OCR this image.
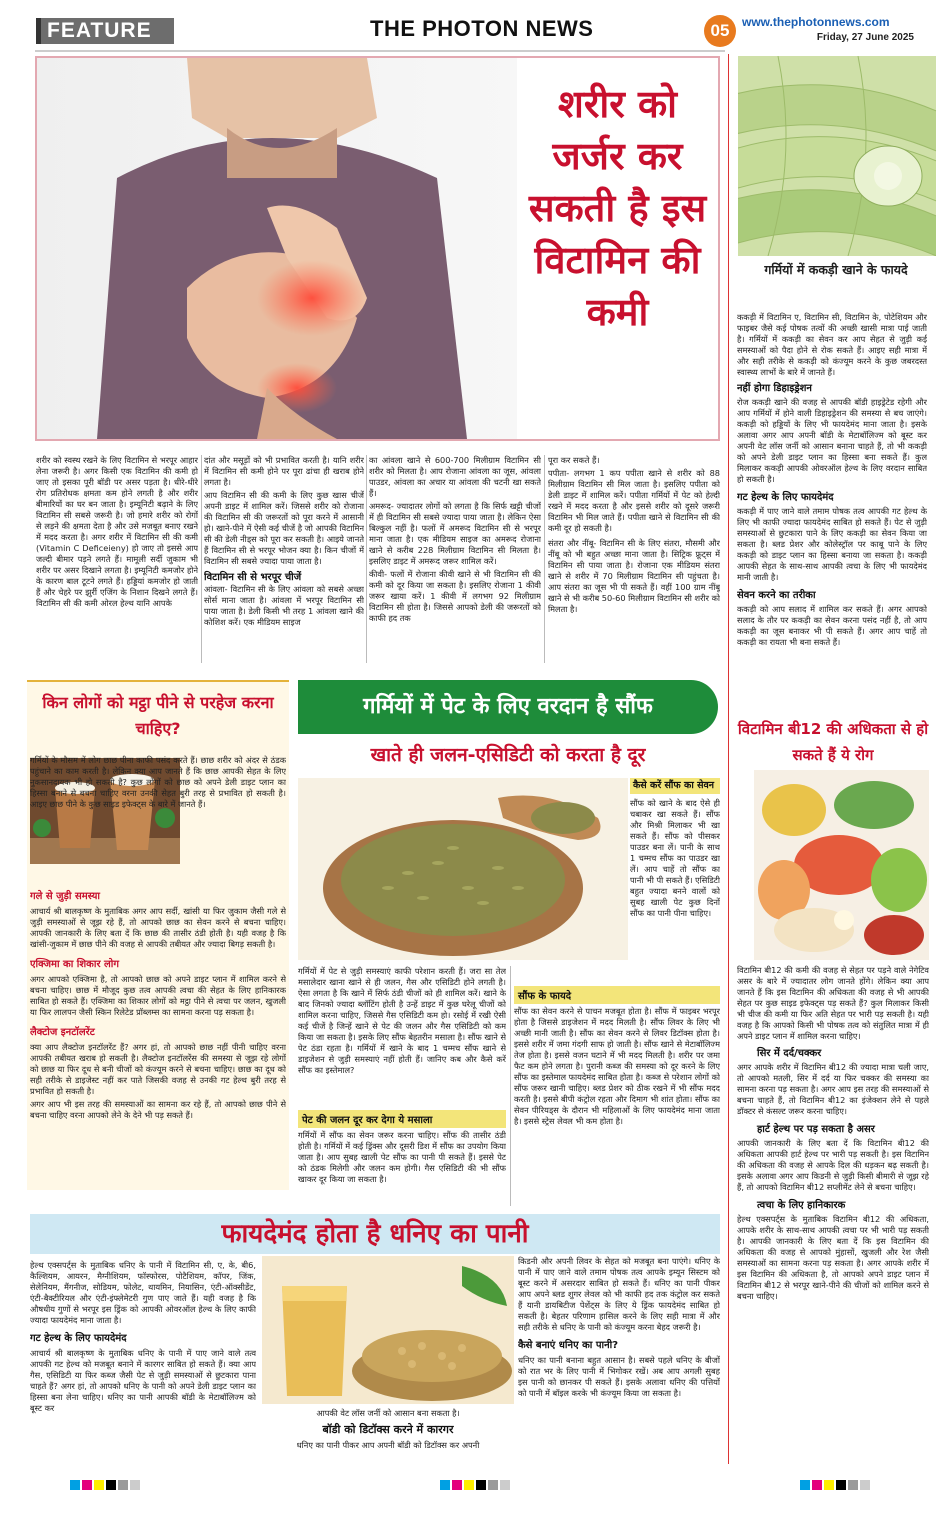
FEATURE	THE PHOTON NEWS	05	www.thephotonnews.com
Friday, 27 June 2025
शरीर को जर्जर कर सकती है इस विटामिन की कमी
शरीर को स्वस्थ रखने के लिए विटामिन से भरपूर आहार लेना जरूरी है। अगर किसी एक विटामिन की कमी हो जाए तो इसका पूरी बॉडी पर असर पड़ता है। धीरे-धीरे रोग प्रतिरोधक क्षमता कम होने लगती है और शरीर बीमारियों का घर बन जाता है। इम्यूनिटी बढ़ाने के लिए विटामिन सी सबसे जरूरी है। जो हमारे शरीर को रोगों से लड़ने की क्षमता देता है और उसे मजबूत बनाए रखने में मदद करता है। अगर शरीर में विटामिन सी की कमी (Vitamin C Deficeieny) हो जाए तो इससे आप जल्दी बीमार पड़ने लगते हैं। मामूली सर्दी जुकाम भी शरीर पर असर दिखाने लगता है। इम्यूनिटी कमजोर होने के कारण बाल टूटने लगते हैं। हड्डियां कमजोर हो जाती हैं और चेहरे पर झुर्री एजिंग के निशान दिखने लगते हैं। विटामिन सी की कमी ओरल हेल्थ यानि आपके
दांत और मसूड़ों को भी प्रभावित करती है। यानि शरीर में विटामिन सी कमी होने पर पूरा ढांचा ही खराब होने लगता है।
आप विटामिन सी की कमी के लिए कुछ खास चीजें अपनी डाइट में शामिल करें। जिससे शरीर को रोजाना की विटामिन सी की जरूरतों को पूरा करने में आसानी हो। खाने-पीने में ऐसी कई चीजें है जो आपकी विटामिन सी की डेली नीड्स को पूरा कर सकती है। आइये जानते हैं विटामिन सी से भरपूर भोजन क्या है। किन चीजों में विटामिन सी सबसे ज्यादा पाया जाता है।
विटामिन सी से भरपूर चीजें
आंवला- विटामिन सी के लिए आंवला को सबसे अच्छा सोर्स माना जाता है। आंवला में भरपूर विटामिन सी पाया जाता है। डेली किसी भी तरह 1 आंवला खाने की कोशिश करें। एक मीडियम साइज
का आंवला खाने से 600-700 मिलीग्राम विटामिन सी शरीर को मिलता है। आप रोजाना आंवला का जूस, आंवला पाउडर, आंवला का अचार या आंवला की चटनी खा सकते हैं।
अमरूद- ज्यादातर लोगों को लगता है कि सिर्फ खट्टी चीजों में ही विटामिन सी सबसे ज्यादा पाया जाता है। लेकिन ऐसा बिल्कुल नहीं है। फलों में अमरूद विटामिन सी से भरपूर माना जाता है। एक मीडियम साइज का अमरूद रोजाना खाने से करीब 228 मिलीग्राम विटामिन सी मिलता है। इसलिए डाइट में अमरूद जरूर शामिल करें।
कीवी- फलों में रोजाना कीवी खाने से भी विटामिन सी की कमी को दूर किया जा सकता है। इसलिए रोजाना 1 कीवी जरूर खाया करें। 1 कीवी में लगभग 92 मिलीग्राम विटामिन सी होता है। जिससे आपको डेली की जरूरतों को काफी हद तक
पूरा कर सकते हैं।
पपीता- लगभग 1 कप पपीता खाने से शरीर को 88 मिलीग्राम विटामिन सी मिल जाता है। इसलिए पपीता को डेली डाइट में शामिल करें। पपीता गर्मियों में पेट को हेल्दी रखने में मदद करता है और इससे शरीर को दूसरे जरूरी विटामिन भी मिल जाते हैं। पपीता खाने से विटामिन सी की कमी दूर हो सकती है।
संतरा और नींबू- विटामिन सी के लिए संतरा, मौसमी और नींबू को भी बहुत अच्छा माना जाता है। सिट्रिक फ्रूट्स में विटामिन सी पाया जाता है। रोजाना एक मीडियम संतरा खाने से शरीर में 70 मिलीग्राम विटामिन सी पहुंचता है। आप संतरा का जूस भी पी सकते हैं। वहीं 100 ग्राम नींबू खाने से भी करीब 50-60 मिलीग्राम विटामिन सी शरीर को मिलता है।
गर्मियों में ककड़ी खाने के फायदे
ककड़ी में विटामिन ए, विटामिन सी, विटामिन के, पोटेशियम और फाइबर जैसे कई पोषक तत्वों की अच्छी खासी मात्रा पाई जाती है। गर्मियों में ककड़ी का सेवन कर आप सेहत से जुड़ी कई समस्याओं को पैदा होने से रोक सकते हैं। आइए सही मात्रा में और सही तरीके से ककड़ी को कंज्यूम करने के कुछ जबरदस्त स्वास्थ्य लाभों के बारे में जानते हैं।
नहीं होगा डिहाइड्रेशन
रोज ककड़ी खाने की वजह से आपकी बॉडी हाइड्रेटेड रहेगी और आप गर्मियों में होने वाली डिहाइड्रेशन की समस्या से बच जाएंगे। ककड़ी को हड्डियों के लिए भी फायदेमंद माना जाता है। इसके अलावा अगर आप अपनी बॉडी के मेटाबॉलिज्म को बूस्ट कर अपनी वेट लॉस जर्नी को आसान बनाना चाहते हैं, तो भी ककड़ी को अपने डेली डाइट प्लान का हिस्सा बना सकते हैं। कुल मिलाकर ककड़ी आपकी ओवरऑल हेल्थ के लिए वरदान साबित हो सकती है।
गट हेल्थ के लिए फायदेमंद
ककड़ी में पाए जाने वाले तमाम पोषक तत्व आपकी गट हेल्थ के लिए भी काफी ज्यादा फायदेमंद साबित हो सकते हैं। पेट से जुड़ी समस्याओं से छुटकारा पाने के लिए ककड़ी का सेवन किया जा सकता है। ब्लड प्रेशर और कोलेस्ट्रॉल पर काबू पाने के लिए ककड़ी को डाइट प्लान का हिस्सा बनाया जा सकता है। ककड़ी आपकी सेहत के साथ-साथ आपकी त्वचा के लिए भी फायदेमंद मानी जाती है।
सेवन करने का तरीका
ककड़ी को आप सलाद में शामिल कर सकते हैं। अगर आपको सलाद के तौर पर ककड़ी का सेवन करना पसंद नहीं है, तो आप ककड़ी का जूस बनाकर भी पी सकते हैं। अगर आप चाहें तो ककड़ी का रायता भी बना सकते हैं।
विटामिन बी12 की अधिकता से हो सकते हैं ये रोग
विटामिन बी12 की कमी की वजह से सेहत पर पड़ने वाले नेगेटिव असर के बारे में ज्यादातर लोग जानते होंगे। लेकिन क्या आप जानते हैं कि इस विटामिन की अधिकता की वजह से भी आपकी सेहत पर कुछ साइड इफेक्ट्स पड़ सकते हैं? कुल मिलाकर किसी भी चीज की कमी या फिर अति सेहत पर भारी पड़ सकती है। यही वजह है कि आपको किसी भी पोषक तत्व को संतुलित मात्रा में ही अपने डाइट प्लान में शामिल करना चाहिए।
सिर में दर्द/चक्कर
अगर आपके शरीर में विटामिन बी12 की ज्यादा मात्रा चली जाए, तो आपको मतली, सिर में दर्द या फिर चक्कर की समस्या का सामना करना पड़ सकता है। अगर आप इस तरह की समस्याओं से बचना चाहते हैं, तो विटामिन बी12 का इंजेक्शन लेने से पहले डॉक्टर से कंसल्ट जरूर करना चाहिए।
हार्ट हेल्थ पर पड़ सकता है असर
आपकी जानकारी के लिए बता दें कि विटामिन बी12 की अधिकता आपकी हार्ट हेल्थ पर भारी पड़ सकती है। इस विटामिन की अधिकता की वजह से आपके दिल की धड़कन बढ़ सकती है। इसके अलावा अगर आप किडनी से जुड़ी किसी बीमारी से जूझ रहे हैं, तो आपको विटामिन बी12 सप्लीमेंट लेने से बचना चाहिए।
त्वचा के लिए हानिकारक
हेल्थ एक्सपर्ट्स के मुताबिक विटामिन बी12 की अधिकता, आपके शरीर के साथ-साथ आपकी त्वचा पर भी भारी पड़ सकती है। आपकी जानकारी के लिए बता दें कि इस विटामिन की अधिकता की वजह से आपको मुंहासों, खुजली और रेश जैसी समस्याओं का सामना करना पड़ सकता है। अगर आपके शरीर में इस विटामिन की अधिकता है, तो आपको अपने डाइट प्लान में विटामिन बी12 से भरपूर खाने-पीने की चीजों को शामिल करने से बचना चाहिए।
किन लोगों को मट्ठा पीने से परहेज करना चाहिए?
गर्मियों के मौसम में लोग छाछ पीना काफी पसंद करते हैं। छाछ शरीर को अंदर से ठंडक पहुंचाने का काम करती है। लेकिन क्या आप जानते हैं कि छाछ आपकी सेहत के लिए नुकसानदायक भी हो सकती है? कुछ लोगों को छाछ को अपने डेली डाइट प्लान का हिस्सा बनाने से बचना चाहिए वरना उनकी सेहत बुरी तरह से प्रभावित हो सकती है। आइए छाछ पीने के कुछ साइड इफेक्ट्स के बारे में जानते हैं।
गले से जुड़ी समस्या
आचार्य श्री बालकृष्ण के मुताबिक अगर आप सर्दी, खांसी या फिर जुकाम जैसी गले से जुड़ी समस्याओं से जूझ रहे हैं, तो आपको छाछ का सेवन करने से बचना चाहिए। आपकी जानकारी के लिए बता दें कि छाछ की तासीर ठंडी होती है। यही वजह है कि खांसी-जुकाम में छाछ पीने की वजह से आपकी तबीयत और ज्यादा बिगड़ सकती है।
एक्जिमा का शिकार लोग
अगर आपको एक्जिमा है, तो आपको छाछ को अपने डाइट प्लान में शामिल करने से बचना चाहिए। छाछ में मौजूद कुछ तत्व आपकी त्वचा की सेहत के लिए हानिकारक साबित हो सकते हैं। एक्जिमा का शिकार लोगों को मट्ठा पीने से त्वचा पर जलन, खुजली या फिर लालपन जैसी स्किन रिलेटेड प्रॉब्लम्स का सामना करना पड़ सकता है।
लैक्टोज इनटॉलरेंट
क्या आप लैक्टोज इनटॉलरेंट हैं? अगर हां, तो आपको छाछ नहीं पीनी चाहिए वरना आपकी तबीयत खराब हो सकती है। लैक्टोज इनटॉलरेंस की समस्या से जूझ रहे लोगों को छाछ या फिर दूध से बनी चीजों को कंज्यूम करने से बचना चाहिए। छाछ का दूध को सही तरीके से डाइजेस्ट नहीं कर पाते जिसकी वजह से उनकी गट हेल्थ बुरी तरह से प्रभावित हो सकती है।
अगर आप भी इस तरह की समस्याओं का सामना कर रहे हैं, तो आपको छाछ पीने से बचना चाहिए वरना आपको लेने के देने भी पड़ सकते हैं।
गर्मियों में पेट के लिए वरदान है सौंफ
खाते ही जलन-एसिडिटी को करता है दूर
कैसे करें सौंफ का सेवन
सौंफ को खाने के बाद ऐसे ही चबाकर खा सकते हैं। सौंफ और मिश्री मिलाकर भी खा सकते हैं। सौंफ को पीसकर पाउडर बना लें। पानी के साथ 1 चम्मच सौंफ का पाउडर खा लें। आप चाहें तो सौंफ का पानी भी पी सकते हैं। एसिडिटी बहुत ज्यादा बनने वालों को सुबह खाली पेट कुछ दिनों सौंफ का पानी पीना चाहिए।
गर्मियों में पेट से जुड़ी समस्याएं काफी परेशान करती हैं। जरा सा तेल मसालेदार खाना खाने से ही जलन, गैस और एसिडिटी होने लगती है। ऐसा लगता है कि खाने में सिर्फ ठंडी चीजों को ही शामिल करें। खाने के बाद जिनको ज्यादा ब्लॉटिंग होती है उन्हें डाइट में कुछ घरेलू चीजों को शामिल करना चाहिए, जिससे गैस एसिडिटी कम हो। रसोई में रखी ऐसी कई चीजें है जिन्हें खाने से पेट की जलन और गैस एसिडिटी को कम किया जा सकता है। इसके लिए सौंफ बेहतरीन मसाला है। सौंफ खाने से पेट ठंडा रहता है। गर्मियों में खाने के बाद 1 चम्मच सौंफ खाने से डाइजेशन से जुड़ी समस्याएं नहीं होती हैं। जानिए कब और कैसे करें सौंफ का इस्तेमाल?
पेट की जलन दूर कर देगा ये मसाला
गर्मियों में सौंफ का सेवन जरूर करना चाहिए। सौंफ की तासीर ठंडी होती है। गर्मियों में कई ड्रिंक्स और दूसरी डिश में सौंफ का उपयोग किया जाता है। आप सुबह खाली पेट सौंफ का पानी पी सकते हैं। इससे पेट को ठंडक मिलेगी और जलन कम होगी। गैस एसिडिटी की भी सौंफ खाकर दूर किया जा सकता है।
सौंफ के फायदे
सौंफ का सेवन करने से पाचन मजबूत होता है। सौंफ में फाइबर भरपूर होता है जिससे डाइजेशन में मदद मिलती है। सौंफ लिवर के लिए भी अच्छी मानी जाती है। सौंफ का सेवन करने से लिवर डिटॉक्स होता है। इससे शरीर में जमा गंदगी साफ हो जाती है। सौंफ खाने से मेटाबॉलिज्म तेज होता है। इससे वजन घटाने में भी मदद मिलती है। शरीर पर जमा फैट कम होने लगता है। पुरानी कब्ज की समस्या को दूर करने के लिए सौंफ का इस्तेमाल फायदेमंद साबित होता है। कब्ज से परेशान लोगों को सौंफ जरूर खानी चाहिए। ब्लड प्रेशर को ठीक रखने में भी सौंफ मदद करती है। इससे बीपी कंट्रोल रहता और दिमाग भी शांत होता। सौंफ का सेवन पीरियड्स के दौरान भी महिलाओं के लिए फायदेमंद माना जाता है। इससे स्ट्रेस लेवल भी कम होता है।
फायदेमंद होता है धनिए का पानी
हेल्थ एक्सपर्ट्स के मुताबिक धनिए के पानी में विटामिन सी, ए, के, बी6, कैल्शियम, आयरन, मैग्नीशियम, फॉस्फोरस, पोटैशियम, कॉपर, जिंक, सेलेनियम, मैंगनीज, सोडियम, फोलेट, थायमिन, नियासिन, एंटी-ऑक्सीडेंट, एंटी-बैक्टीरियल और एंटी-इंफ्लेमेटरी गुण पाए जाते हैं। यही वजह है कि औषधीय गुणों से भरपूर इस ड्रिंक को आपकी ओवरऑल हेल्थ के लिए काफी ज्यादा फायदेमंद माना जाता है।
गट हेल्थ के लिए फायदेमंद
आचार्य श्री बालकृष्ण के मुताबिक धनिए के पानी में पाए जाने वाले तत्व आपकी गट हेल्थ को मजबूत बनाने में कारगर साबित हो सकते हैं। क्या आप गैस, एसिडिटी या फिर कब्ज जैसी पेट से जुड़ी समस्याओं से छुटकारा पाना चाहते हैं? अगर हां, तो आपको धनिए के पानी को अपने डेली डाइट प्लान का हिस्सा बना लेना चाहिए। धनिए का पानी आपकी बॉडी के मेटाबॉलिज्म को बूस्ट कर	आपकी वेट लॉस जर्नी को आसान बना सकता है।
बॉडी को डिटॉक्स करने में कारगर
धनिए का पानी पीकर आप अपनी बॉडी को डिटॉक्स कर अपनी
किडनी और अपनी लिवर के सेहत को मजबूत बना पाएंगे। धनिए के पानी में पाए जाने वाले तमाम पोषक तत्व आपके इम्यून सिस्टम को बूस्ट करने में असरदार साबित हो सकते हैं। धनिए का पानी पीकर आप अपने ब्लड शुगर लेवल को भी काफी हद तक कंट्रोल कर सकते हैं यानी डायबिटीज पेशेंट्स के लिए ये ड्रिंक फायदेमंद साबित हो सकती है। बेहतर परिणाम हासिल करने के लिए सही मात्रा में और सही तरीके से धनिए के पानी को कंज्यूम करना बेहद जरूरी है।
कैसे बनाएं धनिए का पानी?
धनिए का पानी बनाना बहुत आसान है। सबसे पहले धनिए के बीजों को रात भर के लिए पानी में भिगोकर रखें। अब आप अगली सुबह इस पानी को छानकर पी सकते हैं। इसके अलावा धनिए की पत्तियों को पानी में बॉइल करके भी कंज्यूम किया जा सकता है।
